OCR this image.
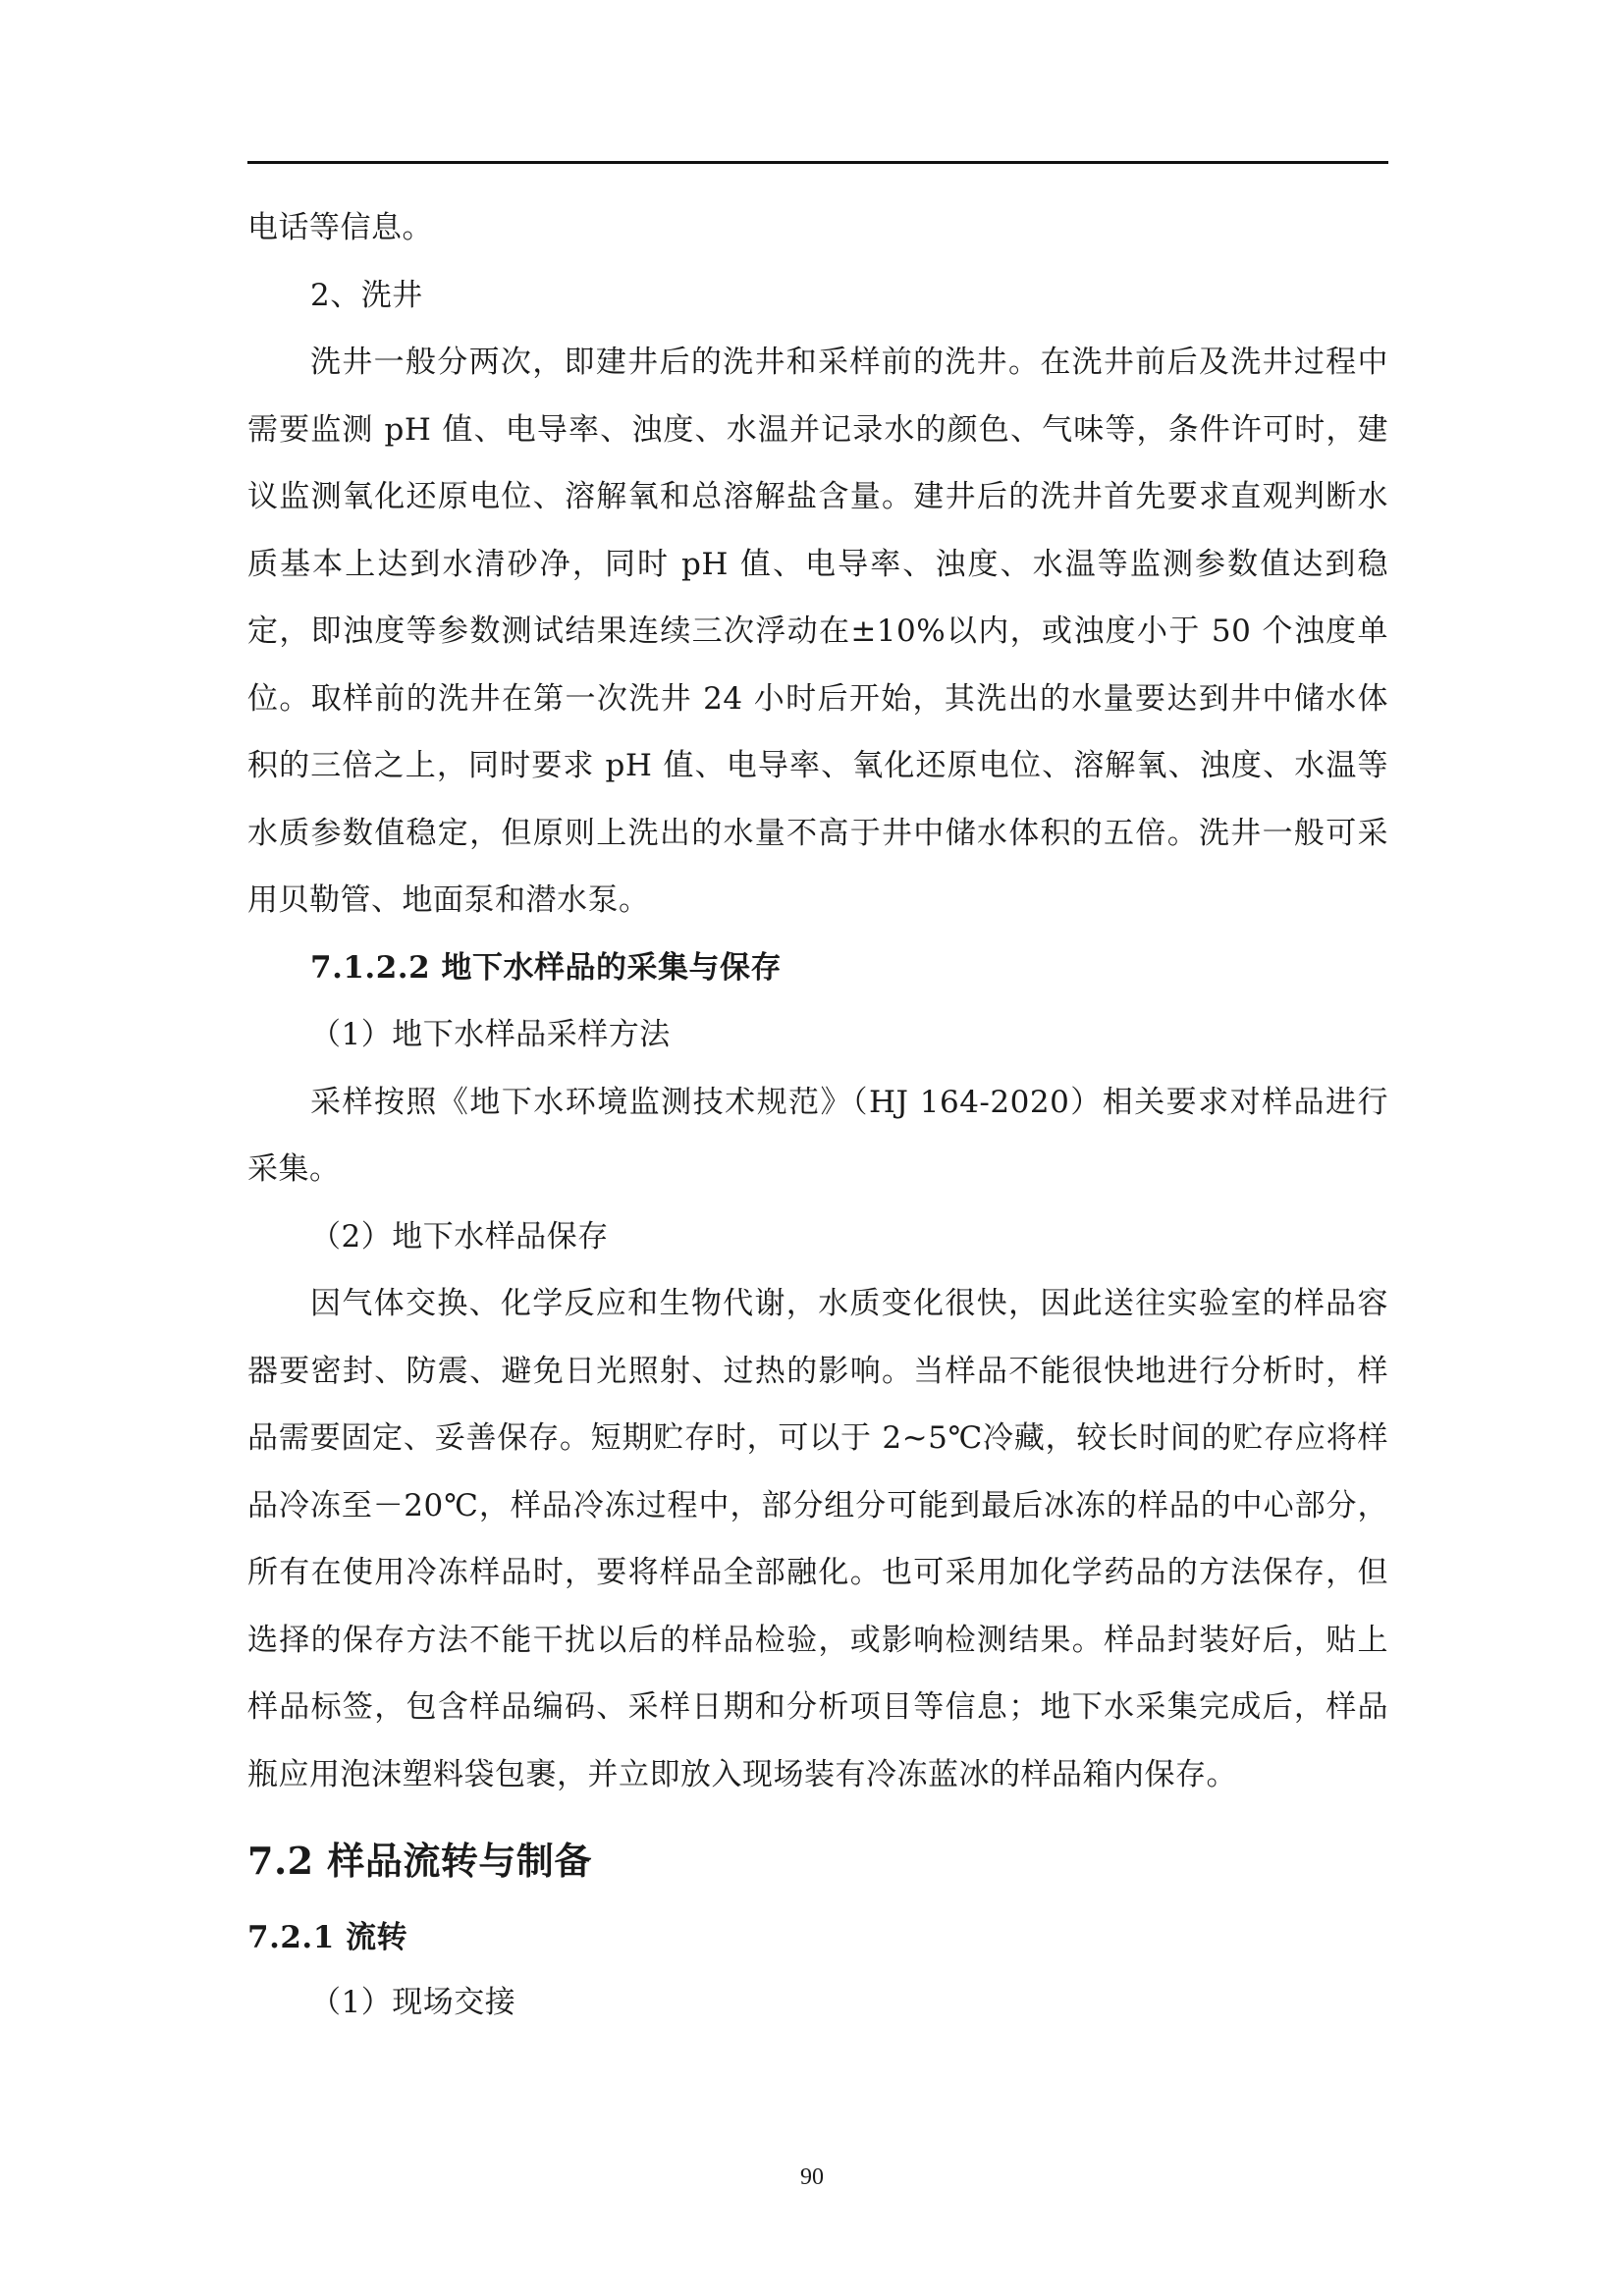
电话等信息。

2、洗井

洗井一般分两次，即建井后的洗井和采样前的洗井。在洗井前后及洗井过程中需要监测 pH 值、电导率、浊度、水温并记录水的颜色、气味等，条件许可时，建议监测氧化还原电位、溶解氧和总溶解盐含量。建井后的洗井首先要求直观判断水质基本上达到水清砂净，同时 pH 值、电导率、浊度、水温等监测参数值达到稳定，即浊度等参数测试结果连续三次浮动在±10%以内，或浊度小于 50 个浊度单位。取样前的洗井在第一次洗井 24 小时后开始，其洗出的水量要达到井中储水体积的三倍之上，同时要求 pH 值、电导率、氧化还原电位、溶解氧、浊度、水温等水质参数值稳定，但原则上洗出的水量不高于井中储水体积的五倍。洗井一般可采用贝勒管、地面泵和潜水泵。

7.1.2.2 地下水样品的采集与保存

（1）地下水样品采样方法

采样按照《地下水环境监测技术规范》（HJ 164-2020）相关要求对样品进行采集。

（2）地下水样品保存

因气体交换、化学反应和生物代谢，水质变化很快，因此送往实验室的样品容器要密封、防震、避免日光照射、过热的影响。当样品不能很快地进行分析时，样品需要固定、妥善保存。短期贮存时，可以于 2~5℃冷藏，较长时间的贮存应将样品冷冻至－20℃，样品冷冻过程中，部分组分可能到最后冰冻的样品的中心部分，所有在使用冷冻样品时，要将样品全部融化。也可采用加化学药品的方法保存，但选择的保存方法不能干扰以后的样品检验，或影响检测结果。样品封装好后，贴上样品标签，包含样品编码、采样日期和分析项目等信息；地下水采集完成后，样品瓶应用泡沫塑料袋包裹，并立即放入现场装有冷冻蓝冰的样品箱内保存。

7.2 样品流转与制备

7.2.1 流转

（1）现场交接

90
